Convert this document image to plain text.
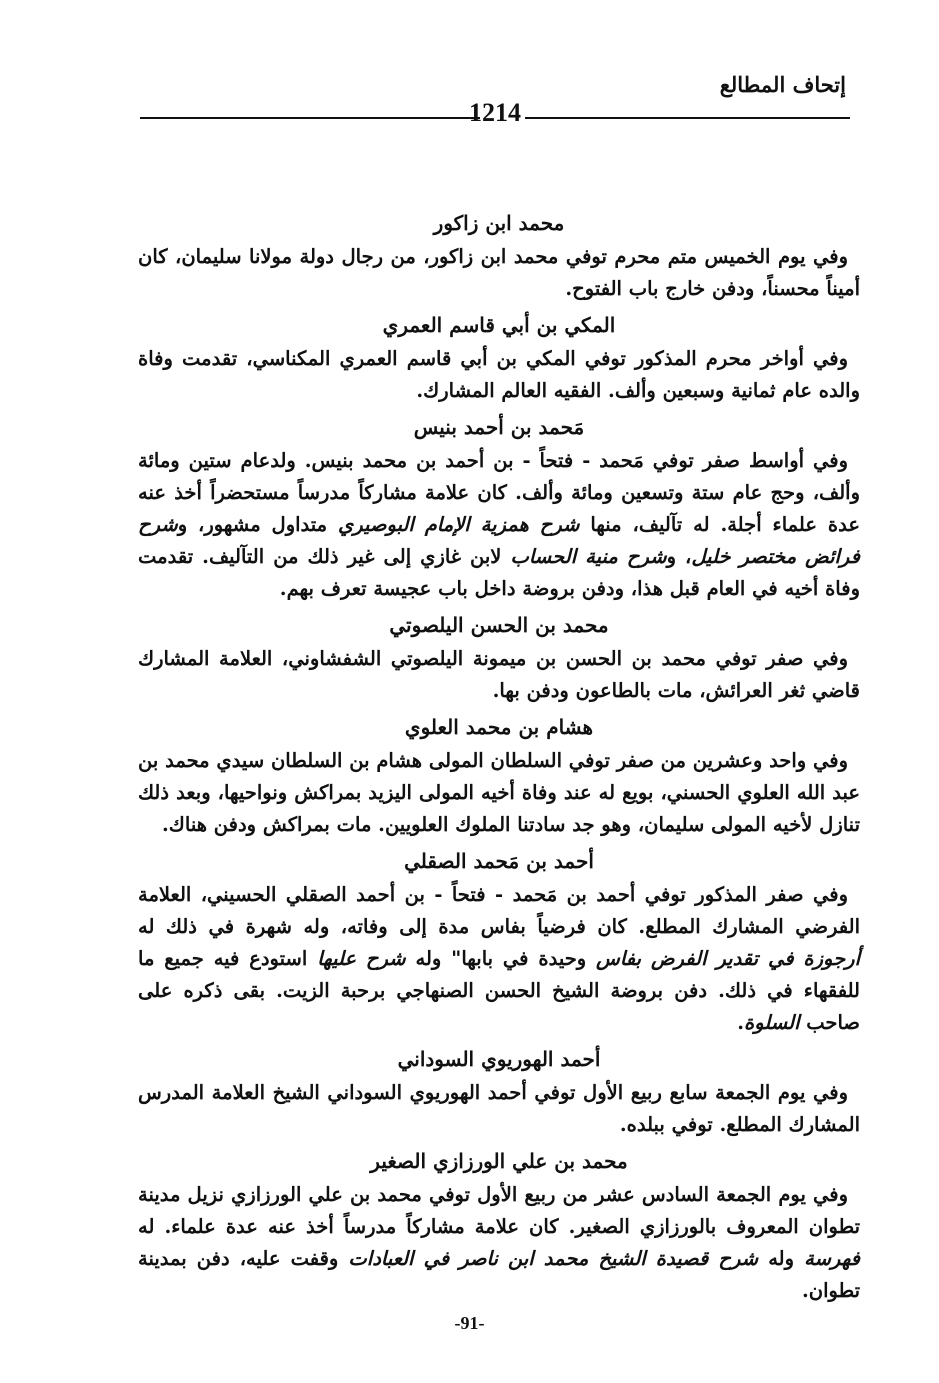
إتحاف المطالع
1214
محمد ابن زاكور

وفي يوم الخميس متم محرم توفي محمد ابن زاكور، من رجال دولة مولانا سليمان، كان أميناً محسناً، ودفن خارج باب الفتوح.

المكي بن أبي قاسم العمري

وفي أواخر محرم المذكور توفي المكي بن أبي قاسم العمري المكناسي، تقدمت وفاة والده عام ثمانية وسبعين وألف. الفقيه العالم المشارك.

مَحمد بن أحمد بنيس

وفي أواسط صفر توفي مَحمد - فتحاً - بن أحمد بن محمد بنيس. ولدعام ستين ومائة وألف، وحج عام ستة وتسعين ومائة وألف. كان علامة مشاركاً مدرساً مستحضراً أخذ عنه عدة علماء أجلة. له تآليف، منها شرح همزية الإمام البوصيري متداول مشهور، وشرح فرائض مختصر خليل، وشرح منية الحساب لابن غازي إلى غير ذلك من التآليف. تقدمت وفاة أخيه في العام قبل هذا، ودفن بروضة داخل باب عجيسة تعرف بهم.

محمد بن الحسن اليلصوتي

وفي صفر توفي محمد بن الحسن بن ميمونة اليلصوتي الشفشاوني، العلامة المشارك قاضي ثغر العرائش، مات بالطاعون ودفن بها.

هشام بن محمد العلوي

وفي واحد وعشرين من صفر توفي السلطان المولى هشام بن السلطان سيدي محمد بن عبد الله العلوي الحسني، بويع له عند وفاة أخيه المولى اليزيد بمراكش ونواحيها، وبعد ذلك تنازل لأخيه المولى سليمان، وهو جد سادتنا الملوك العلويين. مات بمراكش ودفن هناك.

أحمد بن مَحمد الصقلي

وفي صفر المذكور توفي أحمد بن مَحمد - فتحاً - بن أحمد الصقلي الحسيني، العلامة الفرضي المشارك المطلع. كان فرضياً بفاس مدة إلى وفاته، وله شهرة في ذلك له أرجوزة في تقدير الفرض بفاس وحيدة في بابها" وله شرح عليها استودع فيه جميع ما للفقهاء في ذلك. دفن بروضة الشيخ الحسن الصنهاجي برحبة الزيت. بقى ذكره على صاحب السلوة.

أحمد الهوريوي السوداني

وفي يوم الجمعة سابع ربيع الأول توفي أحمد الهوريوي السوداني الشيخ العلامة المدرس المشارك المطلع. توفي ببلده.

محمد بن علي الورزازي الصغير

وفي يوم الجمعة السادس عشر من ربيع الأول توفي محمد بن علي الورزازي نزيل مدينة تطوان المعروف بالورزازي الصغير. كان علامة مشاركاً مدرساً أخذ عنه عدة علماء. له فهرسة وله شرح قصيدة الشيخ محمد ابن ناصر في العبادات وقفت عليه، دفن بمدينة تطوان.

-91-
